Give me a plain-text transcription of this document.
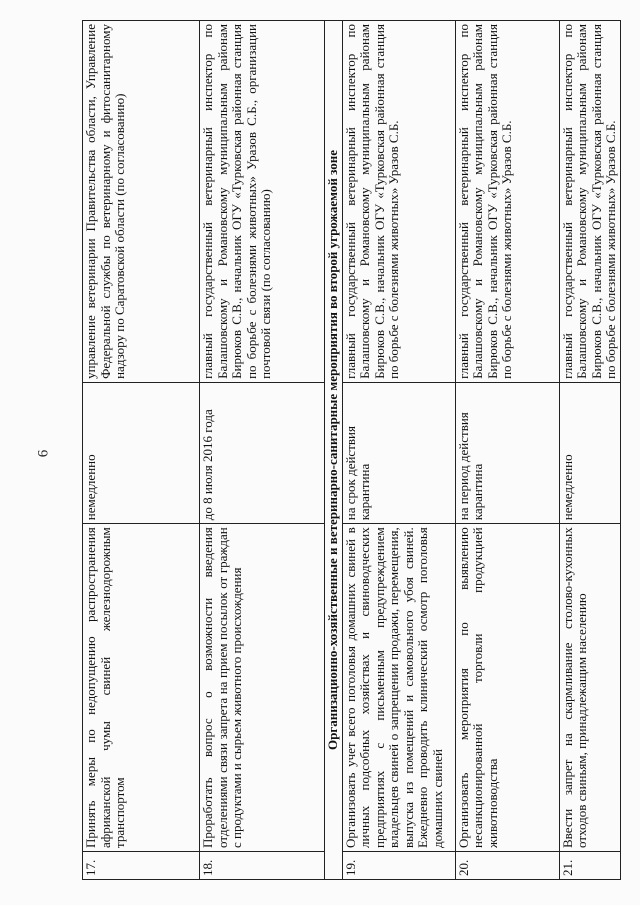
6
17.	Принять меры по недопущению распространения африканской чумы свиней железнодорожным транспортом	немедленно	управление ветеринарии Правительства области, Управление Федеральной службы по ветеринарному и фитосанитарному надзору по Саратовской области (по согласованию)
18.	Проработать вопрос о возможности введения отделениями связи запрета на прием посылок от граждан с продуктами и сырьем животного происхождения	до 8 июля 2016 года	главный государственный ветеринарный инспектор по Балашовскому и Романовскому муниципальным районам Бирюков С.В., начальник ОГУ «Турковская районная станция по борьбе с болезнями животных» Уразов С.Б., организации почтовой связи (по согласованию)
Организационно-хозяйственные и ветеринарно-санитарные мероприятия во второй угрожаемой зоне			
19.	Организовать учет всего поголовья домашних свиней в личных подсобных хозяйствах и свиноводческих предприятиях с письменным предупреждением владельцев свиней о запрещении продажи, перемещения, выпуска из помещений и самовольного убоя свиней. Ежедневно проводить клинический осмотр поголовья домашних свиней	на срок действия карантина	главный государственный ветеринарный инспектор по Балашовскому и Романовскому муниципальным районам Бирюков С.В., начальник ОГУ «Турковская районная станция по борьбе с болезнями животных» Уразов С.Б.
20.	Организовать мероприятия по выявлению несанкционированной торговли продукцией животноводства	на период действия карантина	главный государственный ветеринарный инспектор по Балашовскому и Романовскому муниципальным районам Бирюков С.В., начальник ОГУ «Турковская районная станция по борьбе с болезнями животных» Уразов С.Б.
21.	Ввести запрет на скармливание столово-кухонных отходов свиньям, принадлежащим населению	немедленно	главный государственный ветеринарный инспектор по Балашовскому и Романовскому муниципальным районам Бирюков С.В., начальник ОГУ «Турковская районная станция по борьбе с болезнями животных» Уразов С.Б.
